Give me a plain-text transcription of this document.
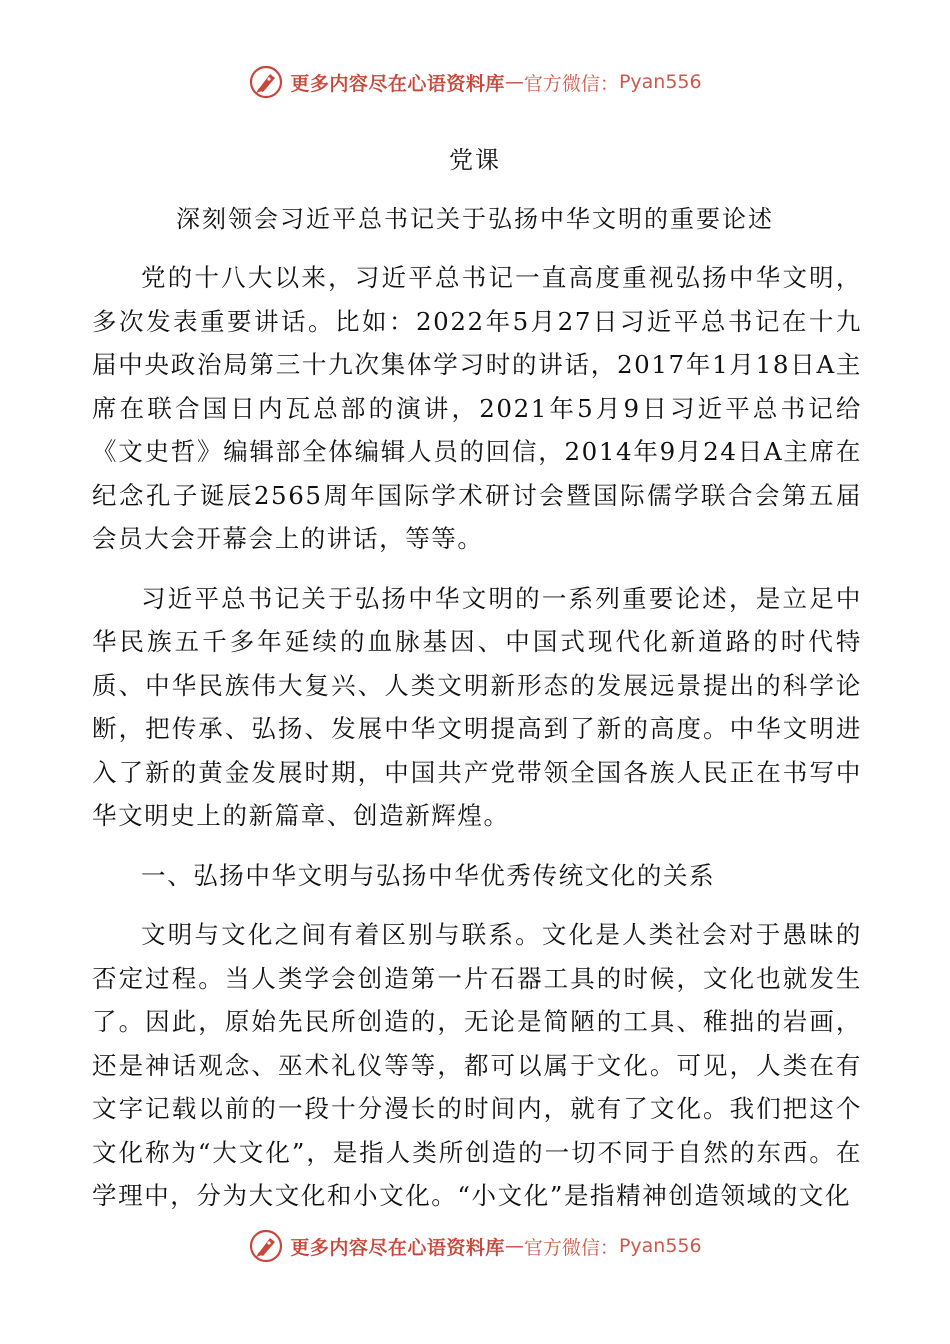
更多内容尽在心语资料库 — 官方微信： Pyan556
党课
深刻领会习近平总书记关于弘扬中华文明的重要论述

党的十八大以来，习近平总书记一直高度重视弘扬中华文明，多次发表重要讲话。比如：2022年5月27日习近平总书记在十九届中央政治局第三十九次集体学习时的讲话，2017年1月18日A主席在联合国日内瓦总部的演讲，2021年5月9日习近平总书记给《文史哲》编辑部全体编辑人员的回信，2014年9月24日A主席在纪念孔子诞辰2565周年国际学术研讨会暨国际儒学联合会第五届会员大会开幕会上的讲话，等等。

习近平总书记关于弘扬中华文明的一系列重要论述，是立足中华民族五千多年延续的血脉基因、中国式现代化新道路的时代特质、中华民族伟大复兴、人类文明新形态的发展远景提出的科学论断，把传承、弘扬、发展中华文明提高到了新的高度。中华文明进入了新的黄金发展时期，中国共产党带领全国各族人民正在书写中华文明史上的新篇章、创造新辉煌。

一、弘扬中华文明与弘扬中华优秀传统文化的关系

文明与文化之间有着区别与联系。文化是人类社会对于愚昧的否定过程。当人类学会创造第一片石器工具的时候，文化也就发生了。因此，原始先民所创造的，无论是简陋的工具、稚拙的岩画，还是神话观念、巫术礼仪等等，都可以属于文化。可见，人类在有文字记载以前的一段十分漫长的时间内，就有了文化。我们把这个文化称为“大文化”，是指人类所创造的一切不同于自然的东西。在学理中，分为大文化和小文化。“小文化”是指精神创造领域的文化

更多内容尽在心语资料库 — 官方微信： Pyan556
